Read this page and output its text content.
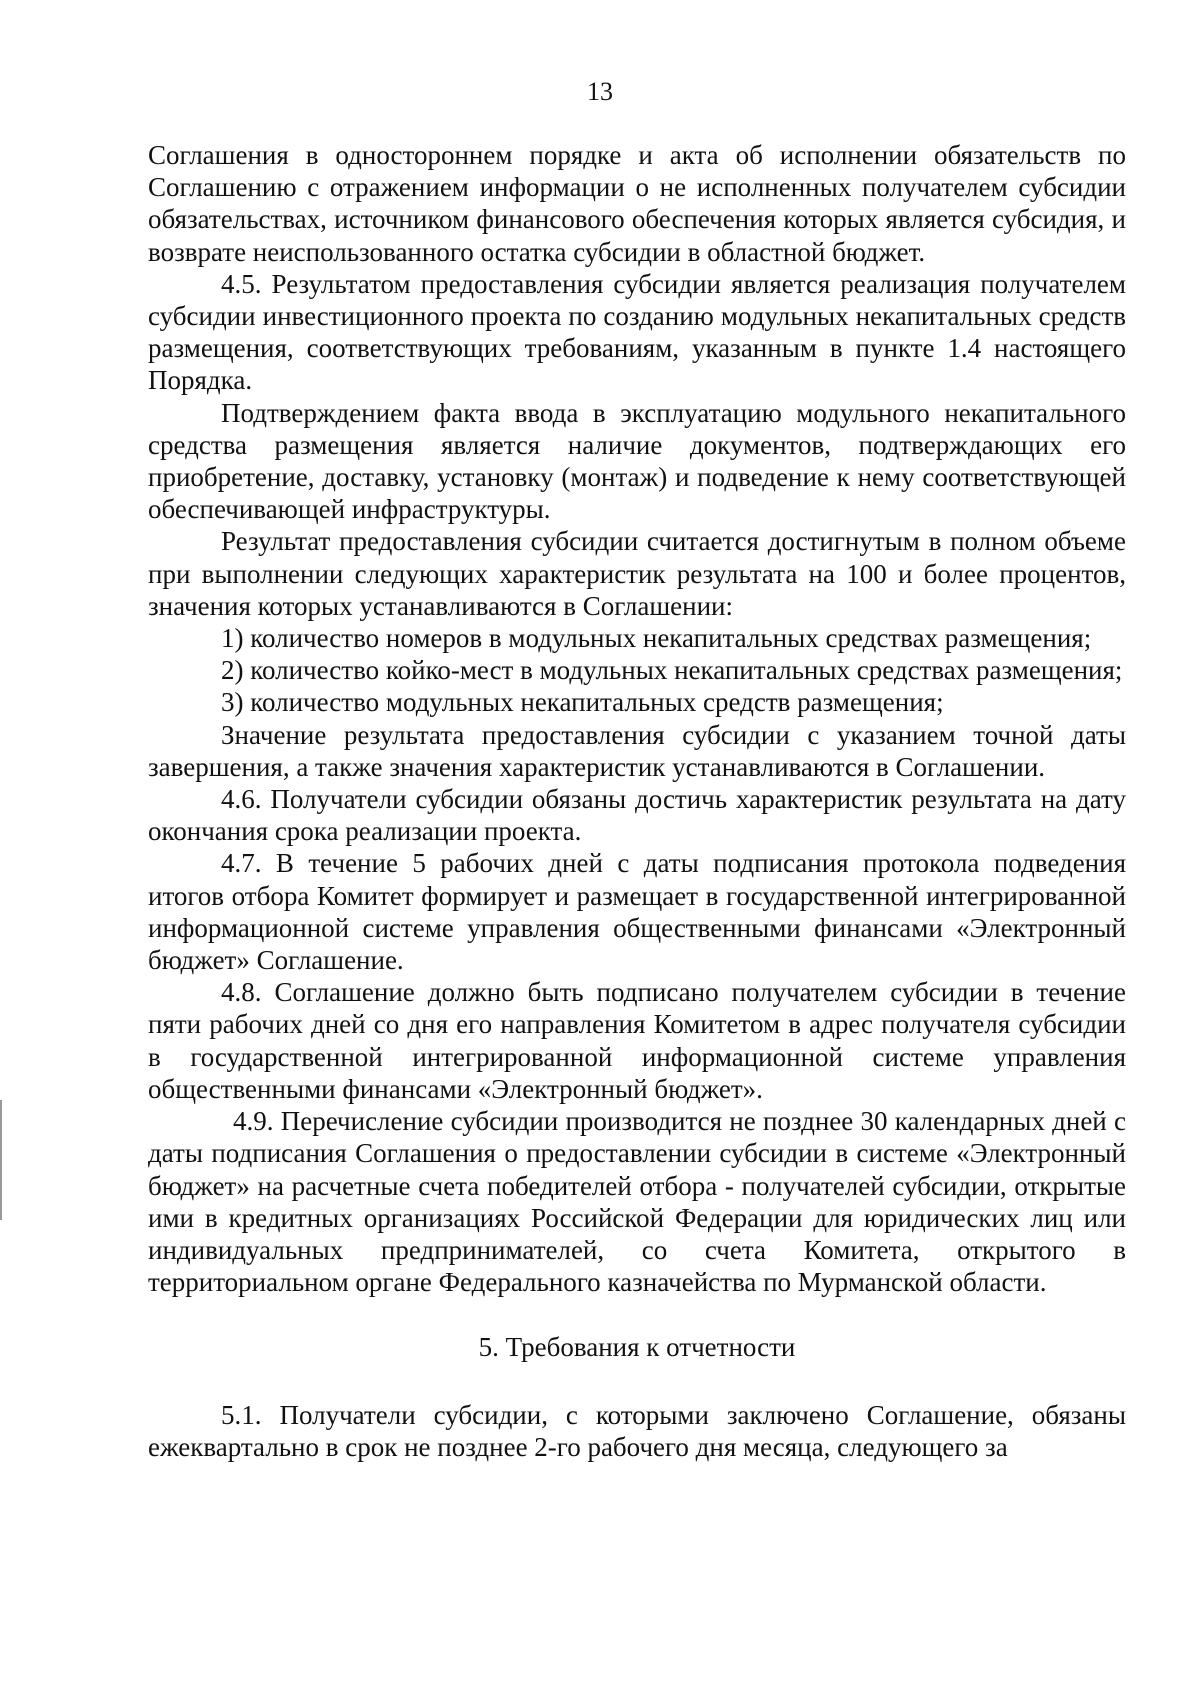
13

Соглашения в одностороннем порядке и акта об исполнении обязательств по Соглашению с отражением информации о не исполненных получателем субсидии обязательствах, источником финансового обеспечения которых является субсидия, и возврате неиспользованного остатка субсидии в областной бюджет.

4.5. Результатом предоставления субсидии является реализация получателем субсидии инвестиционного проекта по созданию модульных некапитальных средств размещения, соответствующих требованиям, указанным в пункте 1.4 настоящего Порядка.

Подтверждением факта ввода в эксплуатацию модульного некапитального средства размещения является наличие документов, подтверждающих его приобретение, доставку, установку (монтаж) и подведение к нему соответствующей обеспечивающей инфраструктуры.

Результат предоставления субсидии считается достигнутым в полном объеме при выполнении следующих характеристик результата на 100 и более процентов, значения которых устанавливаются в Соглашении:

1) количество номеров в модульных некапитальных средствах размещения;

2) количество койко-мест в модульных некапитальных средствах размещения;

3) количество модульных некапитальных средств размещения;

Значение результата предоставления субсидии с указанием точной даты завершения, а также значения характеристик устанавливаются в Соглашении.

4.6. Получатели субсидии обязаны достичь характеристик результата на дату окончания срока реализации проекта.

4.7. В течение 5 рабочих дней с даты подписания протокола подведения итогов отбора Комитет формирует и размещает в государственной интегрированной информационной системе управления общественными финансами «Электронный бюджет» Соглашение.

4.8. Соглашение должно быть подписано получателем субсидии в течение пяти рабочих дней со дня его направления Комитетом в адрес получателя субсидии в государственной интегрированной информационной системе управления общественными финансами «Электронный бюджет».

4.9. Перечисление субсидии производится не позднее 30 календарных дней с даты подписания Соглашения о предоставлении субсидии в системе «Электронный бюджет» на расчетные счета победителей отбора - получателей субсидии, открытые ими в кредитных организациях Российской Федерации для юридических лиц или индивидуальных предпринимателей, со счета Комитета, открытого в территориальном органе Федерального казначейства по Мурманской области.

5. Требования к отчетности

5.1. Получатели субсидии, с которыми заключено Соглашение, обязаны ежеквартально в срок не позднее 2-го рабочего дня месяца, следующего за
